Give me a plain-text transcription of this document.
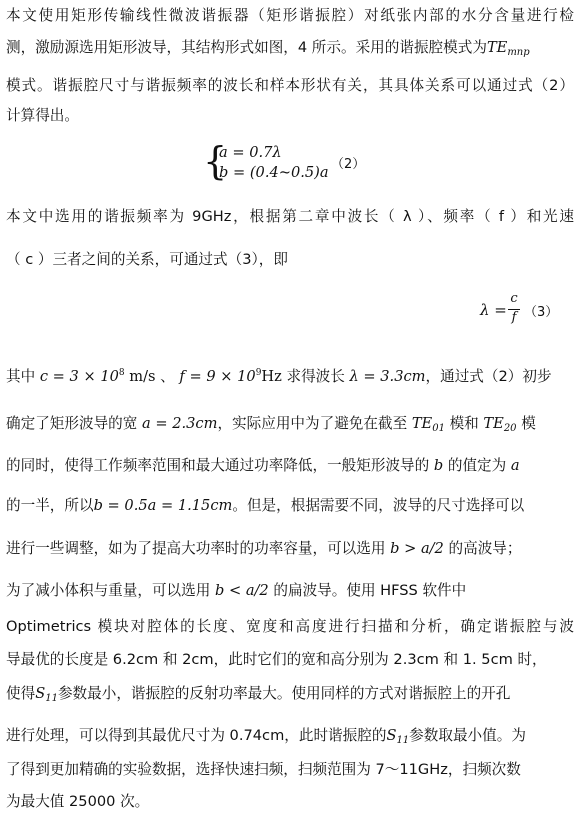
本文使用矩形传输线性微波谐振器（矩形谐振腔）对纸张内部的水分含量进行检
测，激励源选用矩形波导，其结构形式如图，4 所示。采用的谐振腔模式为$TE_{mnp}$
模式。谐振腔尺寸与谐振频率的波长和样本形状有关，其具体关系可以通过式（2）
计算得出。
{
a = 0.7λ
b = (0.4~0.5)a （2）
本文中选用的谐振频率为 9GHz，根据第二章中波长（ λ ）、频率（ f ）和光速
（ c ）三者之间的关系，可通过式（3），即
λ =
c
f （3）
其中 $c = 3 \times 10^8$ m/s 、 $f = 9 \times 10^9Hz$ 求得波长 λ = 3.3cm，通过式（2）初步
确定了矩形波导的宽 a = 2.3cm，实际应用中为了避免在截至 $TE_{01}$ 模和 $TE_{20}$ 模
的同时，使得工作频率范围和最大通过功率降低，一般矩形波导的 b 的值定为 a
的一半，所以b = 0.5a = 1.15cm。但是，根据需要不同，波导的尺寸选择可以
进行一些调整，如为了提高大功率时的功率容量，可以选用 b > a/2 的高波导；
为了减小体积与重量，可以选用 b < a/2 的扁波导。使用 HFSS 软件中
Optimetrics 模块对腔体的长度、宽度和高度进行扫描和分析，确定谐振腔与波
导最优的长度是 6.2cm 和 2cm，此时它们的宽和高分别为 2.3cm 和 1. 5cm 时，
使得$S_{11}$参数最小，谐振腔的反射功率最大。使用同样的方式对谐振腔上的开孔
进行处理，可以得到其最优尺寸为 0.74cm，此时谐振腔的$S_{11}$参数取最小值。为
了得到更加精确的实验数据，选择快速扫频，扫频范围为 7～11GHz，扫频次数
为最大值 25000 次。
